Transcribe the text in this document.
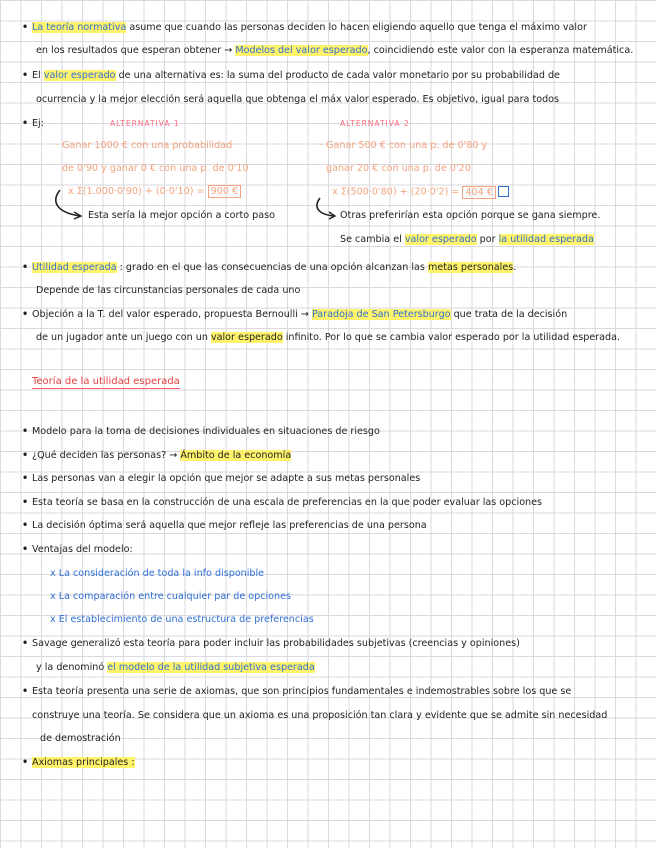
• La teoría normativa asume que cuando las personas deciden lo hacen eligiendo aquello que tenga el máximo valor
en los resultados que esperan obtener → Modelos del valor esperado, coincidiendo este valor con la esperanza matemática.
• El valor esperado de una alternativa es: la suma del producto de cada valor monetario por su probabilidad de
ocurrencia y la mejor elección será aquella que obtenga el máx valor esperado. Es objetivo, igual para todos
• Ej:	ALTERNATIVA 1	ALTERNATIVA 2
· Ganar 1000 € con una probabilidad
de 0'90 y ganar 0 € con una p. de 0'10
x Σ(1.000·0'90) + (0·0'10) = 900 €
Esta sería la mejor opción a corto paso
· Ganar 500 € con una p. de 0'80 y
ganar 20 € con una p. de 0'20
x Σ(500·0'80) + (20·0'2) = 404 €
Otras preferirían esta opción porque se gana siempre.
Se cambia el valor esperado por la utilidad esperada
• Utilidad esperada : grado en el que las consecuencias de una opción alcanzan las metas personales.
Depende de las circunstancias personales de cada uno
• Objeción a la T. del valor esperado, propuesta Bernoulli → Paradoja de San Petersburgo que trata de la decisión
de un jugador ante un juego con un valor esperado infinito. Por lo que se cambia valor esperado por la utilidad esperada.
Teoría de la utilidad esperada
• Modelo para la toma de decisiones individuales en situaciones de riesgo
• ¿Qué deciden las personas? → Ámbito de la economía
• Las personas van a elegir la opción que mejor se adapte a sus metas personales
• Esta teoría se basa en la construcción de una escala de preferencias en la que poder evaluar las opciones
• La decisión óptima será aquella que mejor refleje las preferencias de una persona
• Ventajas del modelo:
x La consideración de toda la info disponible
x La comparación entre cualquier par de opciones
x El establecimiento de una estructura de preferencias
• Savage generalizó esta teoría para poder incluir las probabilidades subjetivas (creencias y opiniones)
y la denominó el modelo de la utilidad subjetiva esperada
• Esta teoría presenta una serie de axiomas, que son principios fundamentales e indemostrables sobre los que se
construye una teoría. Se considera que un axioma es una proposición tan clara y evidente que se admite sin necesidad
de demostración
• Axiomas principales :
